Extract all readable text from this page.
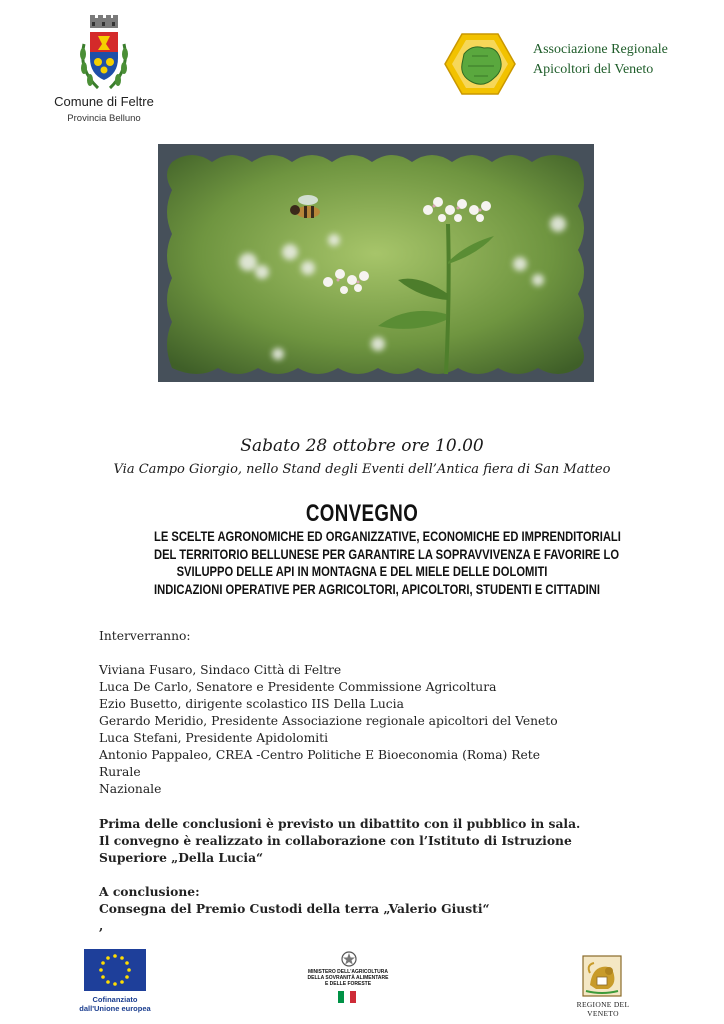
Comune di Feltre
Provincia Belluno
Associazione Regionale
Apicoltori del Veneto
Sabato 28 ottobre ore 10.00
Via Campo Giorgio, nello Stand degli Eventi dell’Antica fiera di San Matteo
CONVEGNO
LE SCELTE AGRONOMICHE ED ORGANIZZATIVE, ECONOMICHE ED IMPRENDITORIALI
DEL TERRITORIO BELLUNESE PER GARANTIRE LA SOPRAVVIVENZA E FAVORIRE LO
SVILUPPO DELLE API IN MONTAGNA E DEL MIELE DELLE DOLOMITI
INDICAZIONI OPERATIVE PER AGRICOLTORI, APICOLTORI, STUDENTI E CITTADINI
Interverranno:
Viviana Fusaro, Sindaco Città di Feltre
Luca De Carlo, Senatore e Presidente Commissione Agricoltura
Ezio Busetto, dirigente scolastico IIS Della Lucia
Gerardo Meridio, Presidente Associazione regionale apicoltori del Veneto
Luca Stefani, Presidente Apidolomiti
Antonio Pappaleo, CREA -Centro Politiche E Bioeconomia (Roma) Rete
Rurale
Nazionale
Prima delle conclusioni è previsto un dibattito con il pubblico in sala.
Il convegno è realizzato in collaborazione con l’Istituto di Istruzione
Superiore „Della Lucia“
A conclusione:
Consegna del Premio Custodi della terra „Valerio Giusti“
,
Cofinanziato
dall'Unione europea
MINISTERO DELL'AGRICOLTURA
DELLA SOVRANITÀ ALIMENTARE
E DELLE FORESTE
REGIONE DEL VENETO
